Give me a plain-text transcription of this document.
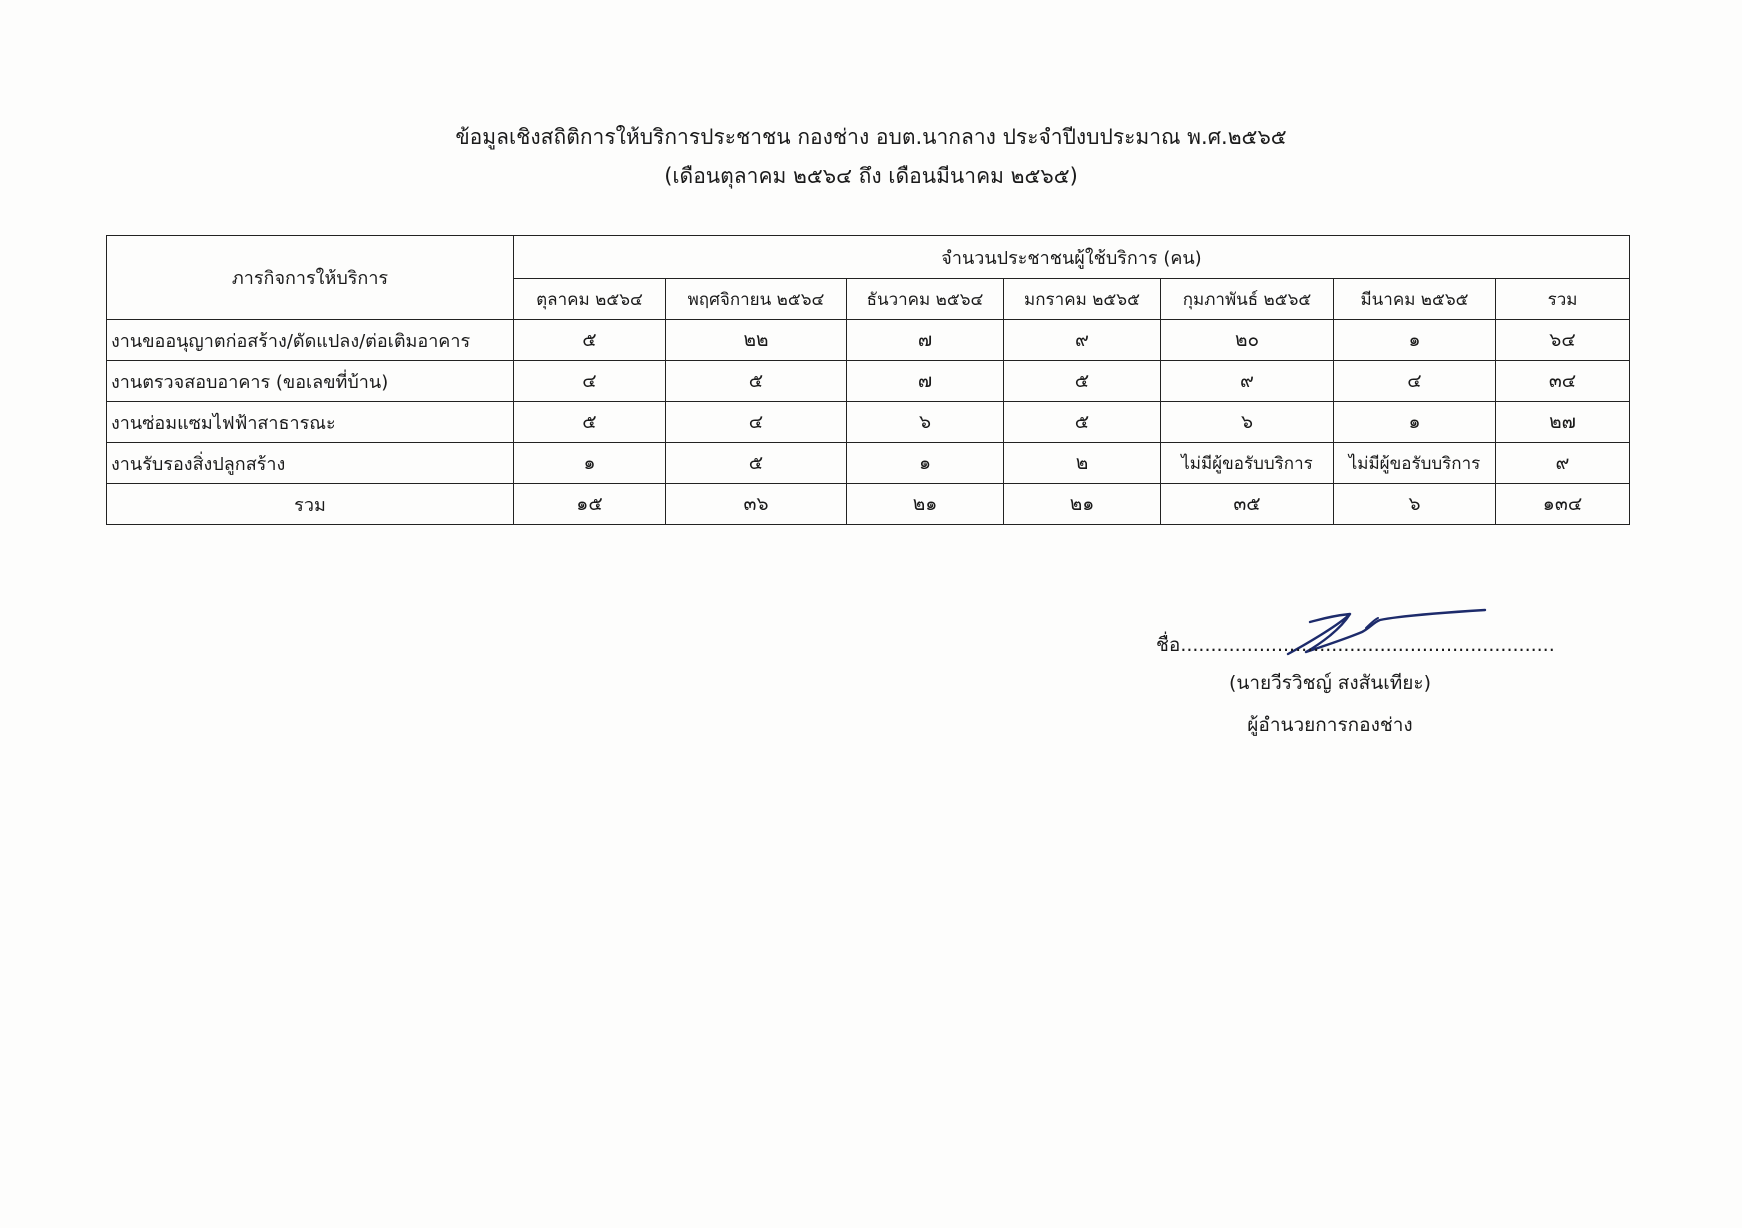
ข้อมูลเชิงสถิติการให้บริการประชาชน กองช่าง อบต.นากลาง ประจำปีงบประมาณ พ.ศ.๒๕๖๕
(เดือนตุลาคม ๒๕๖๔ ถึง เดือนมีนาคม ๒๕๖๕)
ภารกิจการให้บริการ	จำนวนประชาชนผู้ใช้บริการ (คน)						
	ตุลาคม ๒๕๖๔	พฤศจิกายน ๒๕๖๔	ธันวาคม ๒๕๖๔	มกราคม ๒๕๖๕	กุมภาพันธ์ ๒๕๖๕	มีนาคม ๒๕๖๕	รวม
งานขออนุญาตก่อสร้าง/ดัดแปลง/ต่อเติมอาคาร	๕	๒๒	๗	๙	๒๐	๑	๖๔
งานตรวจสอบอาคาร (ขอเลขที่บ้าน)	๔	๕	๗	๕	๙	๔	๓๔
งานซ่อมแซมไฟฟ้าสาธารณะ	๕	๔	๖	๕	๖	๑	๒๗
งานรับรองสิ่งปลูกสร้าง	๑	๕	๑	๒	ไม่มีผู้ขอรับบริการ	ไม่มีผู้ขอรับบริการ	๙
รวม	๑๕	๓๖	๒๑	๒๑	๓๕	๖	๑๓๔
ชื่อ..............................................................
(นายวีรวิชญ์ สงสันเทียะ)
ผู้อำนวยการกองช่าง
